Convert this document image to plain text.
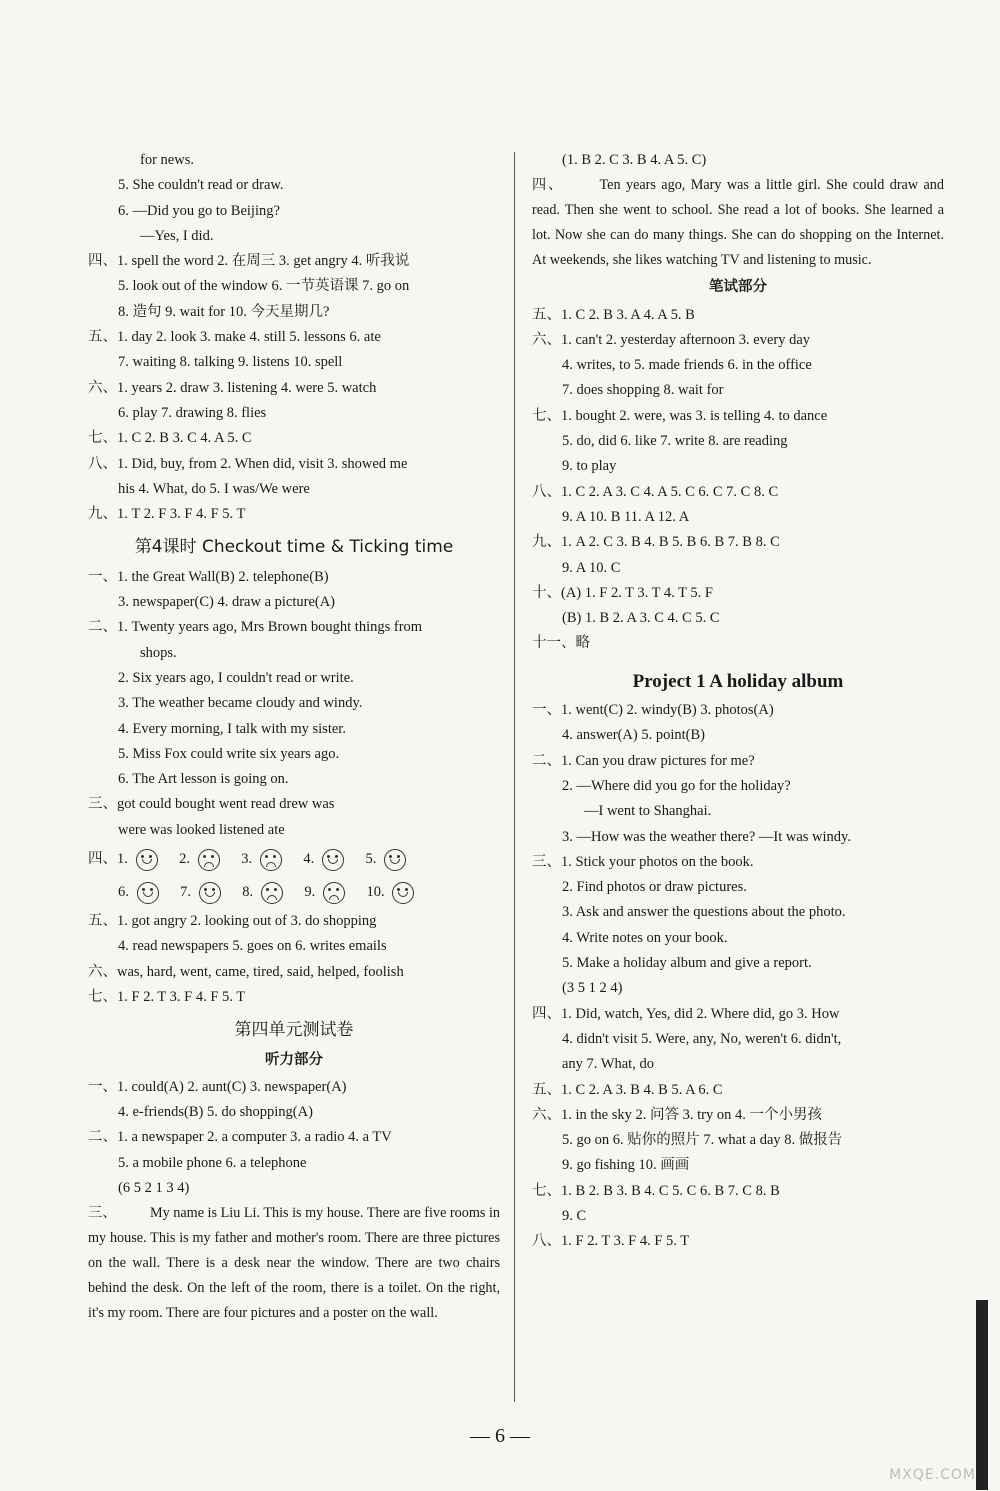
for news.
5. She couldn't read or draw.
6. —Did you go to Beijing?
—Yes, I did.
四、1. spell the word 2. 在周三 3. get angry 4. 听我说
5. look out of the window 6. 一节英语课 7. go on
8. 造句 9. wait for 10. 今天星期几?
五、1. day 2. look 3. make 4. still 5. lessons 6. ate
7. waiting 8. talking 9. listens 10. spell
六、1. years 2. draw 3. listening 4. were 5. watch
6. play 7. drawing 8. flies
七、1. C 2. B 3. C 4. A 5. C
八、1. Did, buy, from 2. When did, visit 3. showed me
his 4. What, do 5. I was/We were
九、1. T 2. F 3. F 4. F 5. T
第4课时 Checkout time & Ticking time
一、1. the Great Wall(B) 2. telephone(B)
3. newspaper(C) 4. draw a picture(A)
二、1. Twenty years ago, Mrs Brown bought things from
shops.
2. Six years ago, I couldn't read or write.
3. The weather became cloudy and windy.
4. Every morning, I talk with my sister.
5. Miss Fox could write six years ago.
6. The Art lesson is going on.
三、got could bought went read drew was
were was looked listened ate
四、1.	2.	3.	4.	5.
6.	7.	8.	9.	10.
五、1. got angry 2. looking out of 3. do shopping
4. read newspapers 5. goes on 6. writes emails
六、was, hard, went, came, tired, said, helped, foolish
七、1. F 2. T 3. F 4. F 5. T
第四单元测试卷
听力部分
一、1. could(A) 2. aunt(C) 3. newspaper(A)
4. e-friends(B) 5. do shopping(A)
二、1. a newspaper 2. a computer 3. a radio 4. a TV
5. a mobile phone 6. a telephone
(6 5 2 1 3 4)
三、 My name is Liu Li. This is my house. There are five rooms in my house. This is my father and mother's room. There are three pictures on the wall. There is a desk near the window. There are two chairs behind the desk. On the left of the room, there is a toilet. On the right, it's my room. There are four pictures and a poster on the wall.
(1. B 2. C 3. B 4. A 5. C)
四、 Ten years ago, Mary was a little girl. She could draw and read. Then she went to school. She read a lot of books. She learned a lot. Now she can do many things. She can do shopping on the Internet. At weekends, she likes watching TV and listening to music.
笔试部分
五、1. C 2. B 3. A 4. A 5. B
六、1. can't 2. yesterday afternoon 3. every day
4. writes, to 5. made friends 6. in the office
7. does shopping 8. wait for
七、1. bought 2. were, was 3. is telling 4. to dance
5. do, did 6. like 7. write 8. are reading
9. to play
八、1. C 2. A 3. C 4. A 5. C 6. C 7. C 8. C
9. A 10. B 11. A 12. A
九、1. A 2. C 3. B 4. B 5. B 6. B 7. B 8. C
9. A 10. C
十、(A) 1. F 2. T 3. T 4. T 5. F
(B) 1. B 2. A 3. C 4. C 5. C
十一、略
Project 1 A holiday album
一、1. went(C) 2. windy(B) 3. photos(A)
4. answer(A) 5. point(B)
二、1. Can you draw pictures for me?
2. —Where did you go for the holiday?
—I went to Shanghai.
3. —How was the weather there? —It was windy.
三、1. Stick your photos on the book.
2. Find photos or draw pictures.
3. Ask and answer the questions about the photo.
4. Write notes on your book.
5. Make a holiday album and give a report.
(3 5 1 2 4)
四、1. Did, watch, Yes, did 2. Where did, go 3. How
4. didn't visit 5. Were, any, No, weren't 6. didn't,
any 7. What, do
五、1. C 2. A 3. B 4. B 5. A 6. C
六、1. in the sky 2. 问答 3. try on 4. 一个小男孩
5. go on 6. 贴你的照片 7. what a day 8. 做报告
9. go fishing 10. 画画
七、1. B 2. B 3. B 4. C 5. C 6. B 7. C 8. B
9. C
八、1. F 2. T 3. F 4. F 5. T
— 6 —
MXQE.COM
